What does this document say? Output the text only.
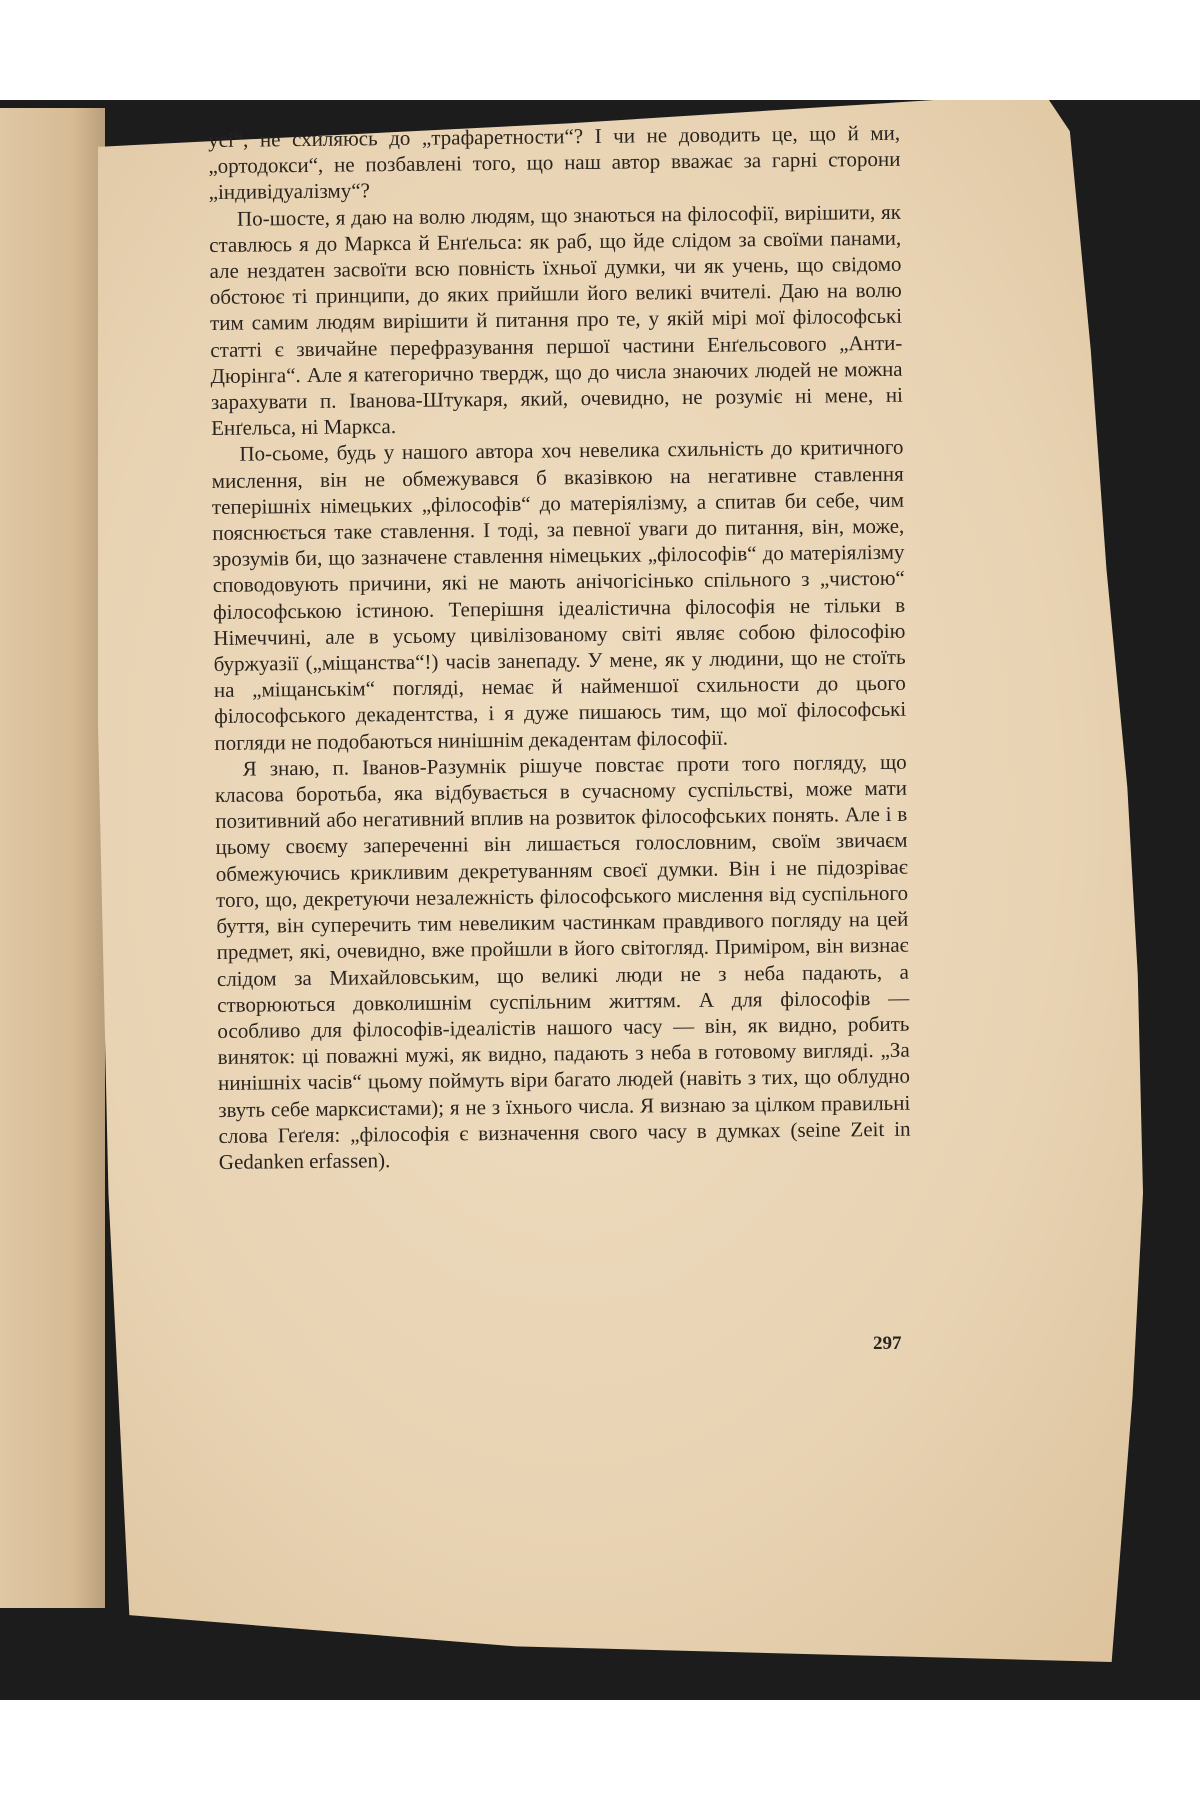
усі“, не схиляюсь до „трафаретности“? І чи не доводить це, що й ми, „ортодокси“, не позбавлені того, що наш автор вважає за гарні сторони „індивідуалізму“?

По-шосте, я даю на волю людям, що знаються на філософії, вирішити, як ставлюсь я до Маркса й Енґельса: як раб, що йде слідом за своїми панами, але нездатен засвоїти всю повність їхньої думки, чи як учень, що свідомо обстоює ті принципи, до яких прийшли його великі вчителі. Даю на волю тим самим людям вирішити й питання про те, у якій мірі мої філософські статті є звичайне перефразування першої частини Енґельсового „Анти-Дюрінга“. Але я категорично твердж, що до числа знаючих людей не можна зарахувати п. Іванова-Штукаря, який, очевидно, не розуміє ні мене, ні Енґельса, ні Маркса.

По-сьоме, будь у нашого автора хоч невелика схильність до критичного мислення, він не обмежувався б вказівкою на негативне ставлення теперішніх німецьких „філософів“ до матеріялізму, а спитав би себе, чим пояснюється таке ставлення. І тоді, за певної уваги до питання, він, може, зрозумів би, що зазначене ставлення німецьких „філософів“ до матеріялізму споводовують причини, які не мають анічогісінько спільного з „чистою“ філософською істиною. Теперішня ідеалістична філософія не тільки в Німеччині, але в усьому цивілізованому світі являє собою філософію буржуазії („міщанства“!) часів занепаду. У мене, як у людини, що не стоїть на „міщанськім“ погляді, немає й найменшої схильности до цього філософського декадентства, і я дуже пишаюсь тим, що мої філософські погляди не подобаються нинішнім декадентам філософії.

Я знаю, п. Іванов-Разумнік рішуче повстає проти того погляду, що класова боротьба, яка відбувається в сучасному суспільстві, може мати позитивний або негативний вплив на розвиток філософських понять. Але і в цьому своєму запереченні він лишається голословним, своїм звичаєм обмежуючись крикливим декретуванням своєї думки. Він і не підозріває того, що, декретуючи незалежність філософського мислення від суспільного буття, він суперечить тим невеликим частинкам правдивого погляду на цей предмет, які, очевидно, вже пройшли в його світогляд. Приміром, він визнає слідом за Михайловським, що великі люди не з неба падають, а створюються довколишнім суспільним життям. А для філософів — особливо для філософів-ідеалістів нашого часу — він, як видно, робить виняток: ці поважні мужі, як видно, падають з неба в готовому вигляді. „За нинішніх часів“ цьому поймуть віри багато людей (навіть з тих, що облудно звуть себе марксистами); я не з їхнього числа. Я визнаю за цілком правильні слова Геґеля: „філософія є визначення свого часу в думках (seine Zeit in Gedanken erfassen).

297
